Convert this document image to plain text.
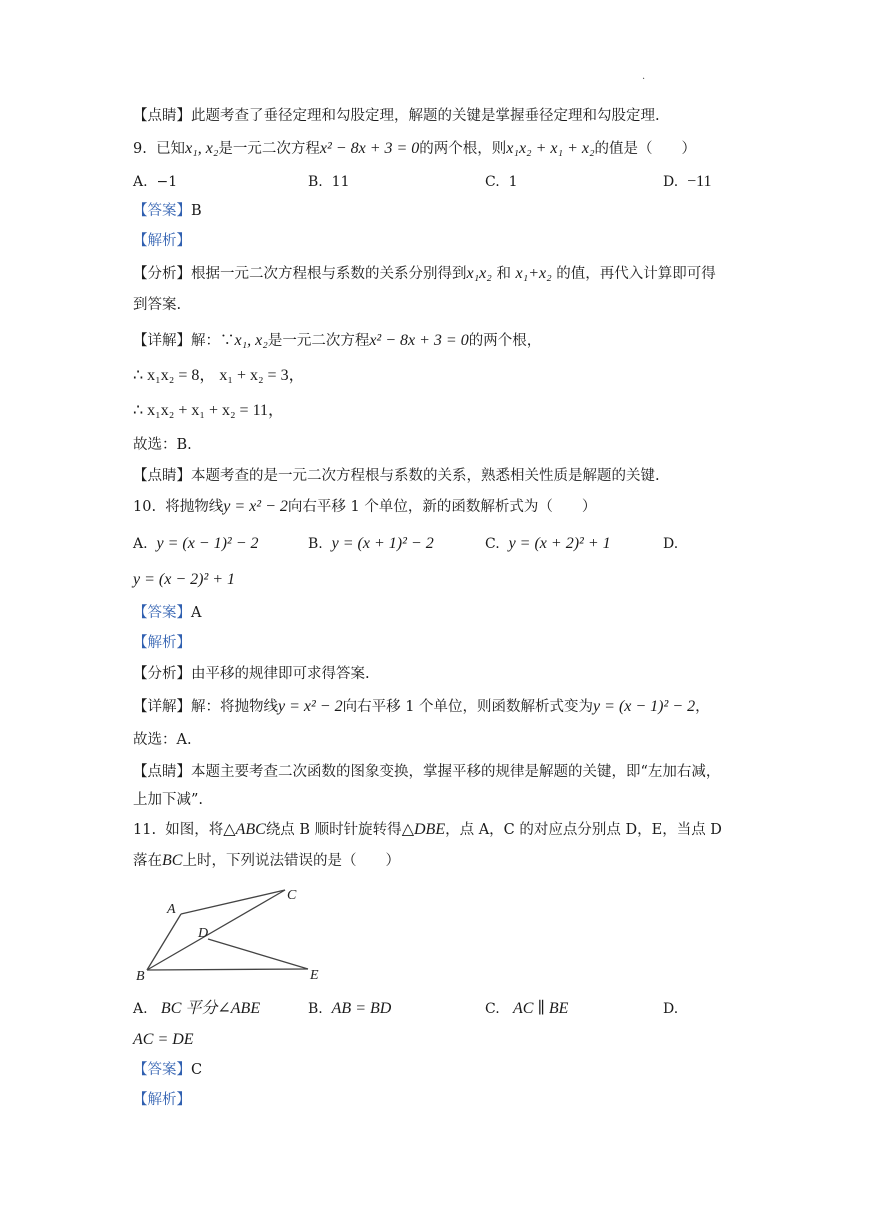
·
【点睛】此题考查了垂径定理和勾股定理，解题的关键是掌握垂径定理和勾股定理.
9. 已知x₁, x₂是一元二次方程x² − 8x + 3 = 0的两个根，则x₁x₂ + x₁ + x₂的值是（　　）
A. −1	B. 11	C. 1	D. −11
【答案】B
【解析】
【分析】根据一元二次方程根与系数的关系分别得到x₁x₂ 和 x₁+x₂ 的值，再代入计算即可得
到答案.
【详解】解：∵x₁, x₂是一元二次方程x² − 8x + 3 = 0的两个根，
∴ x₁x₂ = 8， x₁ + x₂ = 3，
∴ x₁x₂ + x₁ + x₂ = 11，
故选：B.
【点睛】本题考查的是一元二次方程根与系数的关系，熟悉相关性质是解题的关键.
10. 将抛物线y = x² − 2向右平移 1 个单位，新的函数解析式为（　　）
A. y = (x − 1)² − 2	B. y = (x + 1)² − 2	C. y = (x + 2)² + 1	D.
y = (x − 2)² + 1
【答案】A
【解析】
【分析】由平移的规律即可求得答案.
【详解】解：将抛物线y = x² − 2向右平移 1 个单位，则函数解析式变为y = (x − 1)² − 2，
故选：A.
【点睛】本题主要考查二次函数的图象变换，掌握平移的规律是解题的关键，即“左加右减，
上加下减”.
11. 如图，将△ABC绕点 B 顺时针旋转得△DBE，点 A，C 的对应点分别点 D，E，当点 D
落在BC上时，下列说法错误的是（　　）
A
B
C
D
E
A. BC 平分∠ABE	B. AB = BD	C. AC ∥ BE	D.
AC = DE
【答案】C
【解析】
